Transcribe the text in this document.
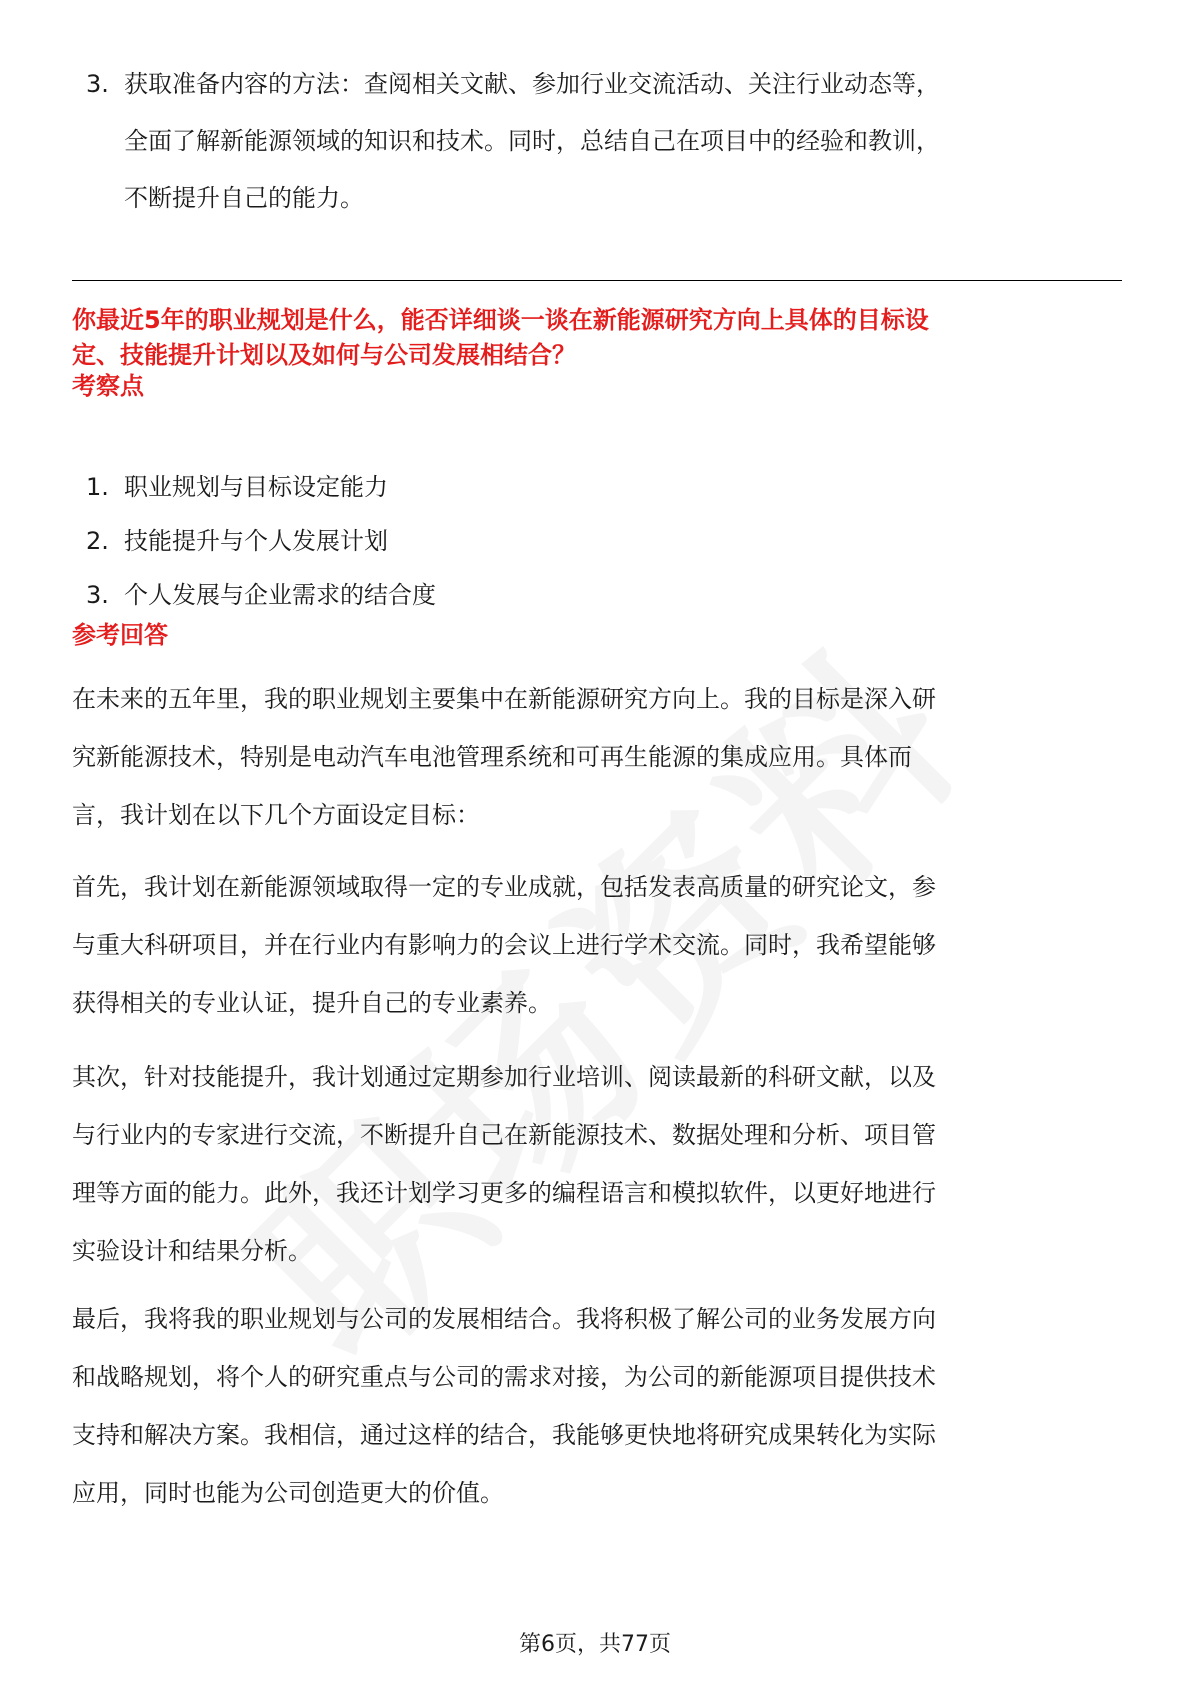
3. 获取准备内容的方法：查阅相关文献、参加行业交流活动、关注行业动态等，
全面了解新能源领域的知识和技术。同时，总结自己在项目中的经验和教训，
不断提升自己的能力。

你最近5年的职业规划是什么，能否详细谈一谈在新能源研究方向上具体的目标设
定、技能提升计划以及如何与公司发展相结合？

考察点

1. 职业规划与目标设定能力
2. 技能提升与个人发展计划
3. 个人发展与企业需求的结合度

参考回答

在未来的五年里，我的职业规划主要集中在新能源研究方向上。我的目标是深入研
究新能源技术，特别是电动汽车电池管理系统和可再生能源的集成应用。具体而
言，我计划在以下几个方面设定目标：

首先，我计划在新能源领域取得一定的专业成就，包括发表高质量的研究论文，参
与重大科研项目，并在行业内有影响力的会议上进行学术交流。同时，我希望能够
获得相关的专业认证，提升自己的专业素养。

其次，针对技能提升，我计划通过定期参加行业培训、阅读最新的科研文献，以及
与行业内的专家进行交流，不断提升自己在新能源技术、数据处理和分析、项目管
理等方面的能力。此外，我还计划学习更多的编程语言和模拟软件，以更好地进行
实验设计和结果分析。

最后，我将我的职业规划与公司的发展相结合。我将积极了解公司的业务发展方向
和战略规划，将个人的研究重点与公司的需求对接，为公司的新能源项目提供技术
支持和解决方案。我相信，通过这样的结合，我能够更快地将研究成果转化为实际
应用，同时也能为公司创造更大的价值。

第6页，共77页
